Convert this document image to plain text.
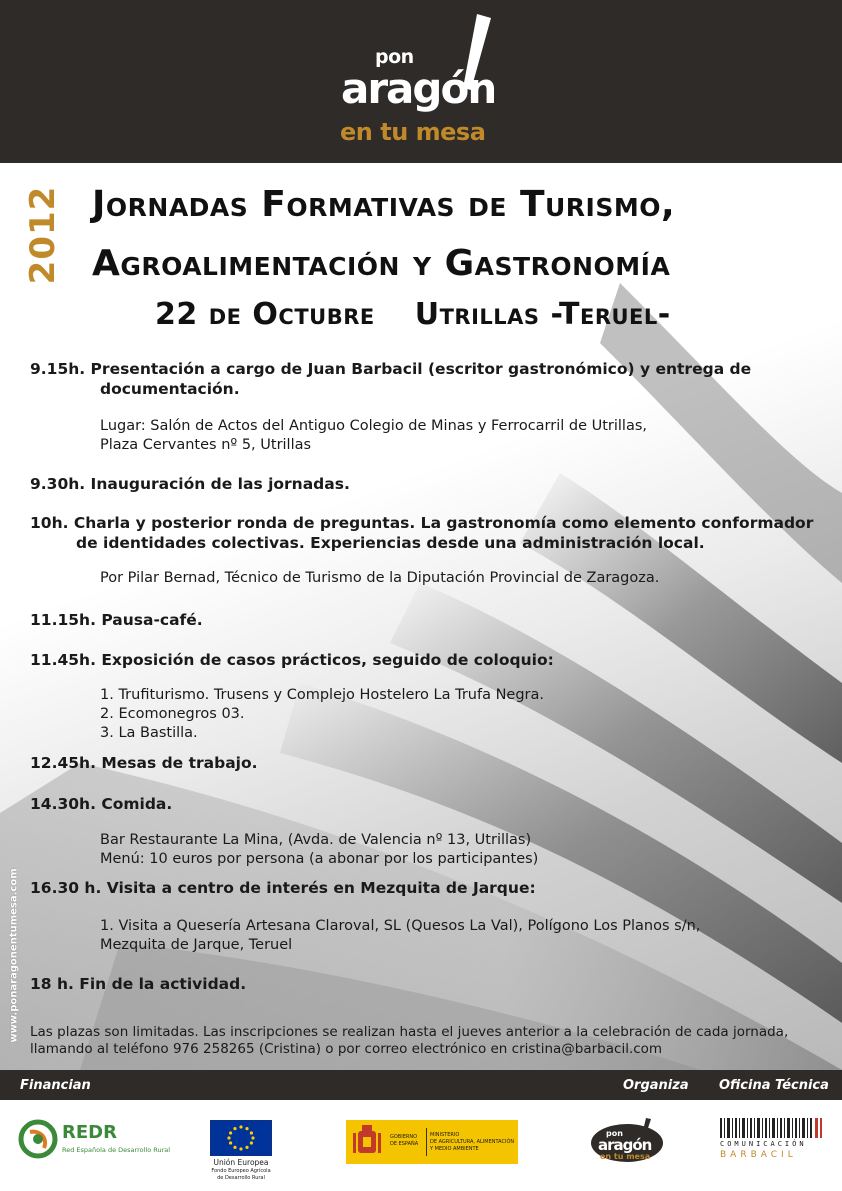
pon
aragón
en tu mesa
2012 Jornadas Formativas de Turismo,
Agroalimentación y Gastronomía
22 de Octubre Utrillas -Teruel-
9.15h. Presentación a cargo de Juan Barbacil (escritor gastronómico) y entrega de
documentación.
Lugar: Salón de Actos del Antiguo Colegio de Minas y Ferrocarril de Utrillas,
Plaza Cervantes nº 5, Utrillas
9.30h. Inauguración de las jornadas.
10h. Charla y posterior ronda de preguntas. La gastronomía como elemento conformador
de identidades colectivas. Experiencias desde una administración local.
Por Pilar Bernad, Técnico de Turismo de la Diputación Provincial de Zaragoza.
11.15h. Pausa-café.
11.45h. Exposición de casos prácticos, seguido de coloquio:
1. Trufiturismo. Trusens y Complejo Hostelero La Trufa Negra.
2. Ecomonegros 03.
3. La Bastilla.
12.45h. Mesas de trabajo.
14.30h. Comida.
Bar Restaurante La Mina, (Avda. de Valencia nº 13, Utrillas)
Menú: 10 euros por persona (a abonar por los participantes)
16.30 h. Visita a centro de interés en Mezquita de Jarque:
1. Visita a Quesería Artesana Claroval, SL (Quesos La Val), Polígono Los Planos s/n,
Mezquita de Jarque, Teruel
18 h. Fin de la actividad.
Las plazas son limitadas. Las inscripciones se realizan hasta el jueves anterior a la celebración de cada jornada,
llamando al teléfono 976 258265 (Cristina) o por correo electrónico en cristina@barbacil.com
www.ponaragonentumesa.com
Financian	Organiza Oficina Técnica
REDR
Red Española de Desarrollo Rural
Unión Europea
Fondo Europeo Agrícola
de Desarrollo Rural
GOBIERNO
DE ESPAÑA
MINISTERIO
DE AGRICULTURA, ALIMENTACIÓN
Y MEDIO AMBIENTE
pon
aragón
en tu mesa
COMUNICACIÓN
BARBACIL
